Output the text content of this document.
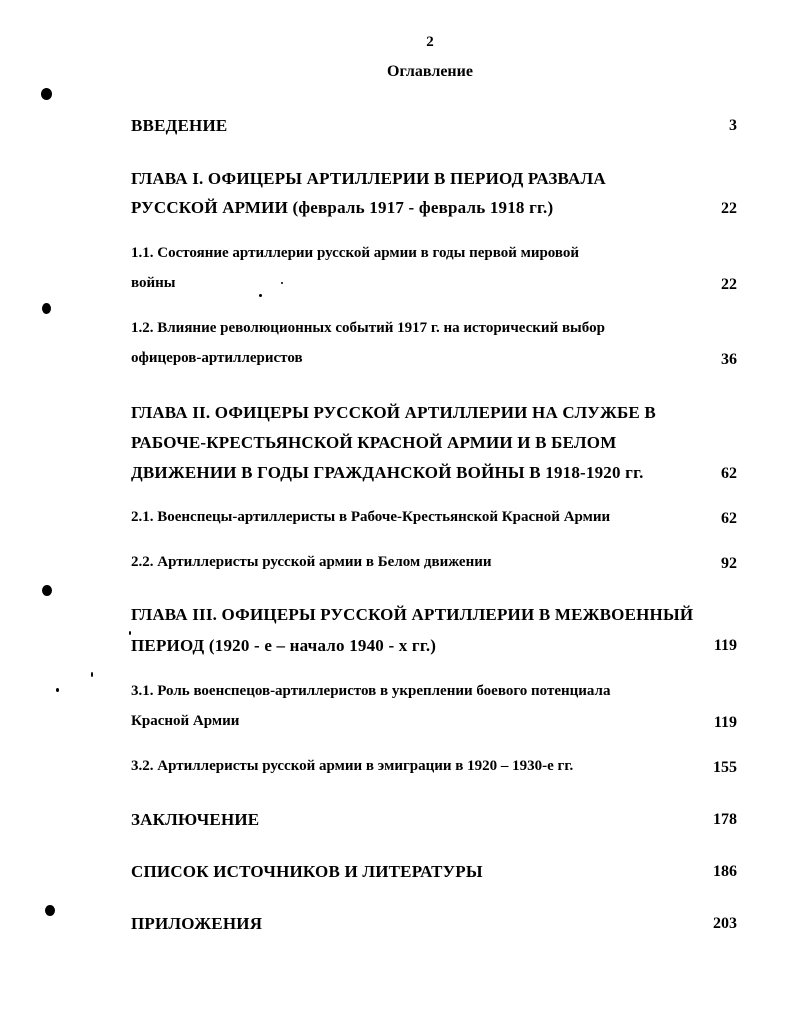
2
Оглавление
ВВЕДЕНИЕ	3
ГЛАВА I. ОФИЦЕРЫ АРТИЛЛЕРИИ В ПЕРИОД РАЗВАЛА
РУССКОЙ АРМИИ (февраль 1917 - февраль 1918 гг.)	22
1.1. Состояние артиллерии русской армии в годы первой мировой
войны	22
1.2. Влияние революционных событий 1917 г. на исторический выбор
офицеров-артиллеристов	36
ГЛАВА II. ОФИЦЕРЫ РУССКОЙ АРТИЛЛЕРИИ НА СЛУЖБЕ В
РАБОЧЕ-КРЕСТЬЯНСКОЙ КРАСНОЙ АРМИИ И В БЕЛОМ
ДВИЖЕНИИ В ГОДЫ ГРАЖДАНСКОЙ ВОЙНЫ В 1918-1920 гг.	62
2.1. Военспецы-артиллеристы в Рабоче-Крестьянской Красной Армии	62
2.2. Артиллеристы русской армии в Белом движении	92
ГЛАВА III. ОФИЦЕРЫ РУССКОЙ АРТИЛЛЕРИИ В МЕЖВОЕННЫЙ
ПЕРИОД (1920 - е – начало 1940 - х гг.)	119
3.1. Роль военспецов-артиллеристов в укреплении боевого потенциала
Красной Армии	119
3.2. Артиллеристы русской армии в эмиграции в 1920 – 1930-е гг.	155
ЗАКЛЮЧЕНИЕ	178
СПИСОК ИСТОЧНИКОВ И ЛИТЕРАТУРЫ	186
ПРИЛОЖЕНИЯ	203
